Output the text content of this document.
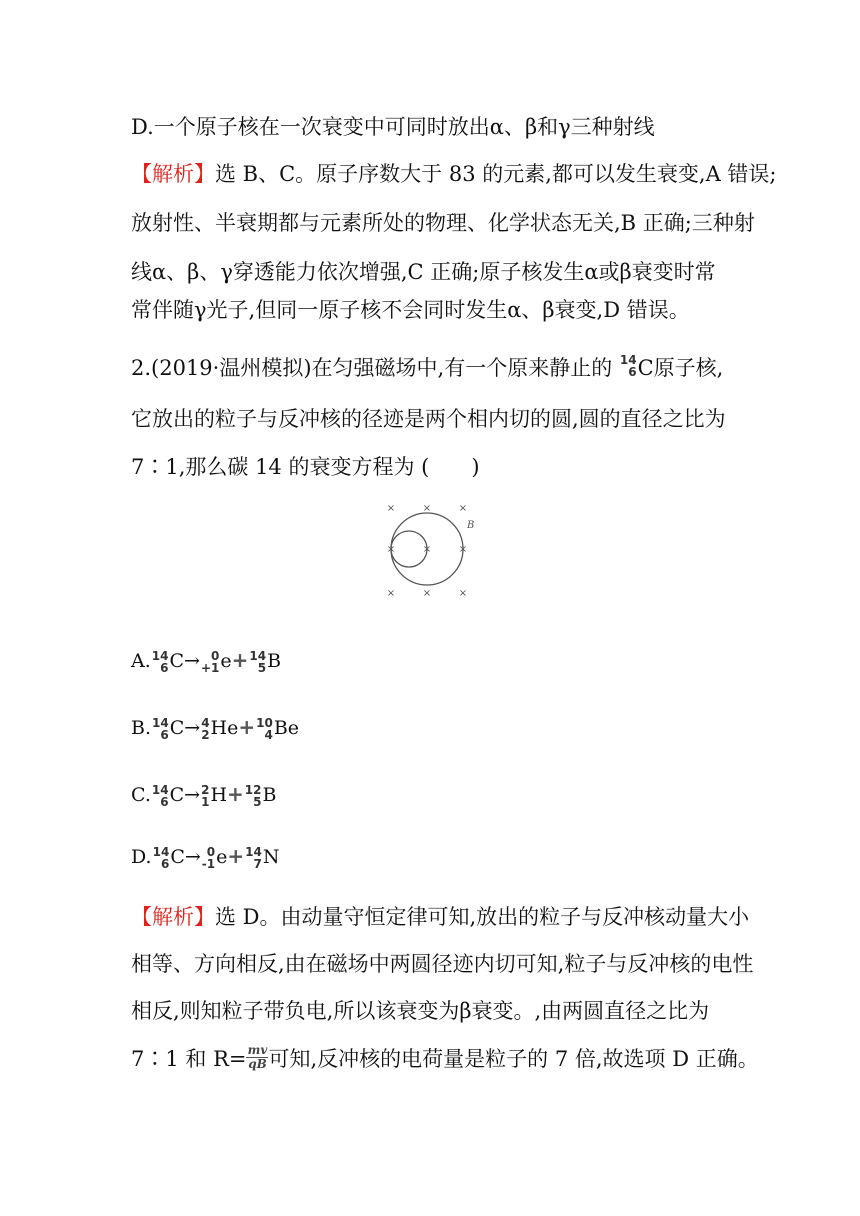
D.一个原子核在一次衰变中可同时放出α、β和γ三种射线
【解析】选 B、C。原子序数大于 83 的元素,都可以发生衰变,A 错误;
放射性、半衰期都与元素所处的物理、化学状态无关,B 正确;三种射
线α、β、γ穿透能力依次增强,C 正确;原子核发生α或β衰变时常
常伴随γ光子,但同一原子核不会同时发生α、β衰变,D 错误。
2.(2019·温州模拟)在匀强磁场中,有一个原来静止的 14
6 C原子核,
它放出的粒子与反冲核的径迹是两个相内切的圆,圆的直径之比为
7∶1,那么碳 14 的衰变方程为 (　　)
×	×	×
×	×	×
×	×	×
B
A. 14
6 C→ 0
+1 e+ 14
5 B
B. 14
6 C→ 4
2 He+ 10
4 Be
C. 14
6 C→ 2
1 H+ 12
5 B
D. 14
6 C→ 0
-1 e+ 14
7 N
【解析】选 D。由动量守恒定律可知,放出的粒子与反冲核动量大小
相等、方向相反,由在磁场中两圆径迹内切可知,粒子与反冲核的电性
相反,则知粒子带负电,所以该衰变为β衰变。,由两圆直径之比为
7∶1 和 $R= \frac{mv}{qB}$ 可知,反冲核的电荷量是粒子的 7 倍,故选项 D 正确。
